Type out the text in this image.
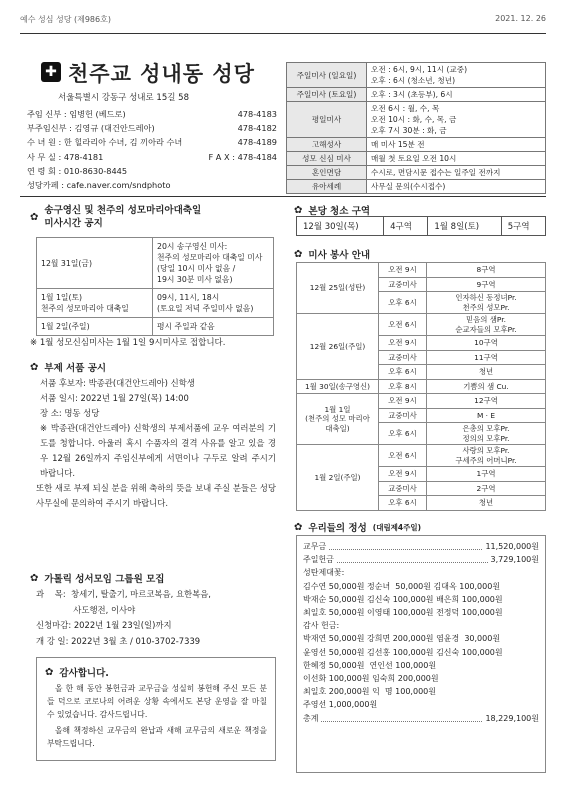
예수 성심 성당 (제986호)	2021. 12. 26
✚ 천주교 성내동 성당
서울특별시 강동구 성내로 15길 58
주임 신부 : 임병헌 (베드로)	478-4183
부주임신부 : 김영규 (대건안드레아)	478-4182
수 녀 원 : 한 힐라리아 수녀, 김 끼아라 수녀	478-4189
사 무 실 : 478-4181	F A X : 478-4184
연 령 회 : 010-8630-8445
성당카페 : cafe.naver.com/sndphoto
주일미사 (일요일)	오전 : 6시, 9시, 11시 (교중)
오후 : 6시 (청소년, 청년)
주일미사 (토요일)	오후 : 3시 (초등부), 6시
평일미사	오전 6시 : 월, 수, 목
오전 10시 : 화, 수, 목, 금
오후 7시 30분 : 화, 금
고해성사	매 미사 15분 전
성모 신심 미사	매월 첫 토요일 오전 10시
혼인면담	수시로, 면담시문 접수는 일주일 전까지
유아세례	사무실 문의(수시접수)
✿
송구영신 및 천주의 성모마리아대축일
미사시간 공지
12월 31일(금)	20시 송구영신 미사:
천주의 성모마리아 대축일 미사
(당일 10시 미사 없음 /
19시 30분 미사 없음)
1월 1일(토)
천주의 성모마리아 대축일	09시, 11시, 18시
(토요일 저녁 주일미사 없음)
1월 2일(주일)	평시 주일과 같음
※ 1월 성모신심미사는 1월 1일 9시미사로 접합니다.
✿ 부제 서품 공시
서품 후보자: 박종관(대건안드레아) 신학생
서품 일시: 2022년 1월 27일(목) 14:00
장 소: 명동 성당
※ 박종관(대건안드레아) 신학생의 부제서품에 교우 여러분의 기도를 청합니다. 아울러 혹시 수품자의 결격 사유를 알고 있을 경우 12월 26일까지 주임신부에게 서면이나 구두로 알려 주시기 바랍니다.
또한 새로 부제 되실 분을 위해 축하의 뜻을 보내 주실 분들은 성당 사무실에 문의하여 주시기 바랍니다.
✿ 가톨릭 성서모임 그룹원 모집
과    목:  창세기, 탈출기, 마르코복음, 요한복음,
사도행전, 이사야
신청마감: 2022년 1월 23일(일)까지
개 강 일: 2022년 3월 초 / 010-3702-7339
✿ 감사합니다.
올 한 해 동안 봉헌금과 교무금을 성실히 봉헌해 주신 모든 분들 덕으로 코로나의 어려운 상황 속에서도 본당 운영을 잘 마칠 수 있었습니다. 감사드립니다.
올해 책정하신 교무금의 완납과 새해 교무금의 새로운 책정을 부탁드립니다.
✿ 본당 청소 구역
12월 30일(목)	4구역	1월 8일(토)	5구역
✿ 미사 봉사 안내
12월 25일(성탄)	오전 9시	8구역
	교중미사	9구역
	오후 6시	인자하신 동정녀Pr.
천주의 성모Pr.
12월 26일(주일)	오전 6시	믿음의 샘Pr.
순교자들의 모후Pr.
	오전 9시	10구역
	교중미사	11구역
	오후 6시	청년
1월 30일(송구영신)	오후 8시	기쁨의 샘 Cu.
1월 1일
(천주의 성모 마리아
대축일)	오전 9시	12구역
	교중미사	M · E
	오후 6시	은총의 모후Pr.
정의의 모후Pr.
1월 2일(주일)	오전 6시	사랑의 모후Pr.
구세주의 어머니Pr.
	오전 9시	1구역
	교중미사	2구역
	오후 6시	청년
✿ 우리들의 정성 (대림제4주일)
교무금	11,520,000원
주일헌금	3,729,100원
성탄제대꽃:
김수연 50,000원 정순녀  50,000원 김대옥 100,000원
박재순 50,000원 김신숙 100,000원 배은희 100,000원
최일호 50,000원 이영태 100,000원 전정덕 100,000원
감사 헌금:
박재연 50,000원 강희면 200,000원 염윤경  30,000원
윤영선 50,000원 김선홍 100,000원 김신숙 100,000원
한혜정 50,000원  연인선 100,000원
이선화 100,000원 임숙희 200,000원
최일호 200,000원 익  명 100,000원
주영선 1,000,000원
총계	18,229,100원
